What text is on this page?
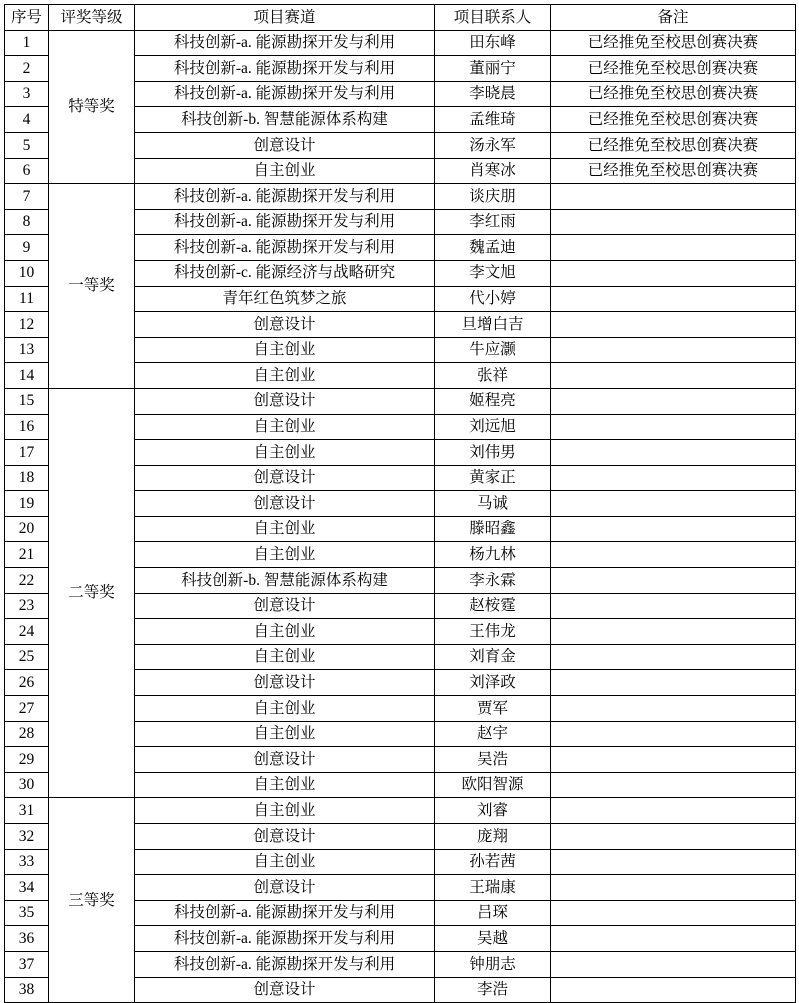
序号	评奖等级	项目赛道	项目联系人	备注
1	特等奖	科技创新-a. 能源勘探开发与利用	田东峰	已经推免至校思创赛决赛
2		科技创新-a. 能源勘探开发与利用	董丽宁	已经推免至校思创赛决赛
3		科技创新-a. 能源勘探开发与利用	李晓晨	已经推免至校思创赛决赛
4		科技创新-b. 智慧能源体系构建	孟维琦	已经推免至校思创赛决赛
5		创意设计	汤永军	已经推免至校思创赛决赛
6		自主创业	肖寒冰	已经推免至校思创赛决赛
7	一等奖	科技创新-a. 能源勘探开发与利用	谈庆朋	
8		科技创新-a. 能源勘探开发与利用	李红雨	
9		科技创新-a. 能源勘探开发与利用	魏孟迪	
10		科技创新-c. 能源经济与战略研究	李文旭	
11		青年红色筑梦之旅	代小婷	
12		创意设计	旦增白吉	
13		自主创业	牛应灏	
14		自主创业	张祥	
15	二等奖	创意设计	姬程亮	
16		自主创业	刘远旭	
17		自主创业	刘伟男	
18		创意设计	黄家正	
19		创意设计	马诚	
20		自主创业	滕昭鑫	
21		自主创业	杨九林	
22		科技创新-b. 智慧能源体系构建	李永霖	
23		创意设计	赵桉霆	
24		自主创业	王伟龙	
25		自主创业	刘育金	
26		创意设计	刘泽政	
27		自主创业	贾军	
28		自主创业	赵宇	
29		创意设计	吴浩	
30		自主创业	欧阳智源	
31	三等奖	自主创业	刘睿	
32		创意设计	庞翔	
33		自主创业	孙若茜	
34		创意设计	王瑞康	
35		科技创新-a. 能源勘探开发与利用	吕琛	
36		科技创新-a. 能源勘探开发与利用	吴越	
37		科技创新-a. 能源勘探开发与利用	钟朋志	
38		创意设计	李浩	
